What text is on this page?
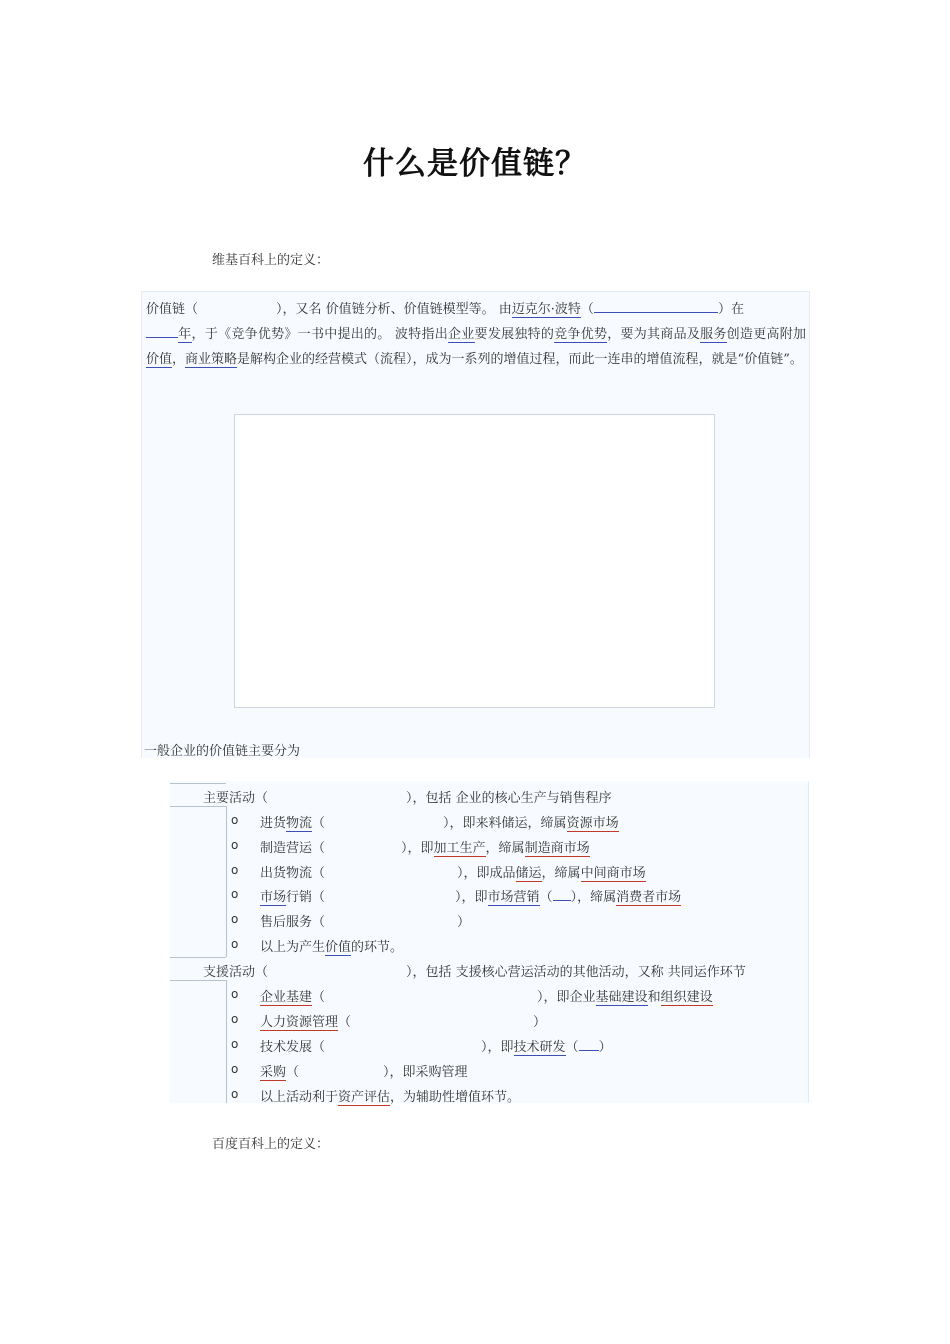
什么是价值链？
维基百科上的定义：
价值链（	），又名 价值链分析、价值链模型等。 由迈克尔·波特（	）在
年，于《竞争优势》一书中提出的。 波特指出企业要发展独特的竞争优势，要为其商品及服务创造更高附加价值，商业策略是解构企业的经营模式（流程），成为一系列的增值过程，而此一连串的增值流程，就是“价值链”。
一般企业的价值链主要分为
主要活动（	），包括 企业的核心生产与销售程序
o 进货物流（	），即来料储运，缔属资源市场
o 制造营运（	），即加工生产，缔属制造商市场
o 出货物流（	），即成品储运，缔属中间商市场
o 市场行销（	），即市场营销（ ），缔属消费者市场
o 售后服务（	）
o 以上为产生价值的环节。
支援活动（	），包括 支援核心营运活动的其他活动，又称 共同运作环节
o 企业基建（	），即企业基础建设和组织建设
o 人力资源管理（	）
o 技术发展（	），即技术研发（ ）
o 采购（	），即采购管理
o 以上活动利于资产评估，为辅助性增值环节。
百度百科上的定义：
